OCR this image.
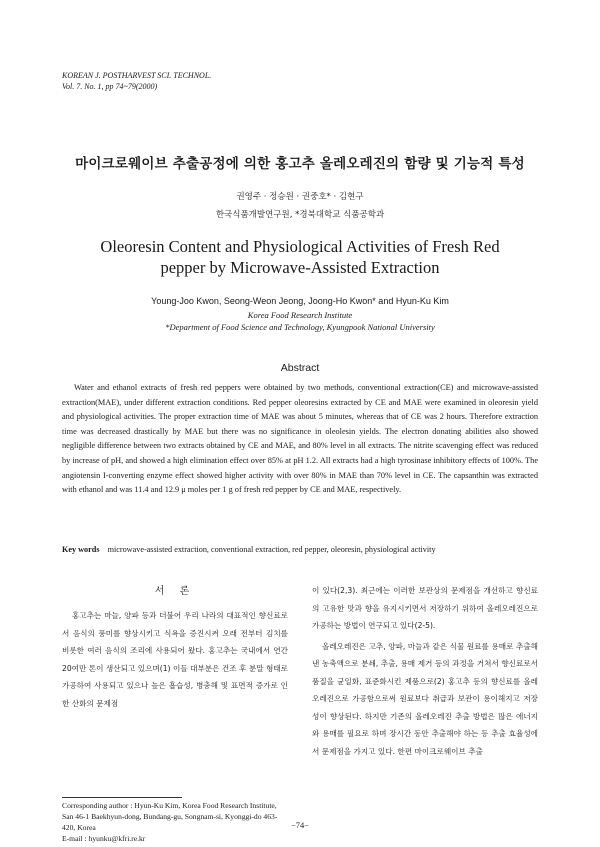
KOREAN J. POSTHARVEST SCI. TECHNOL.
Vol. 7. No. 1, pp 74~79(2000)
마이크로웨이브 추출공정에 의한 홍고추 올레오레진의 함량 및 기능적 특성
권영주 · 정승원 · 권중호* · 김현구
한국식품개발연구원, *경북대학교 식품공학과
Oleoresin Content and Physiological Activities of Fresh Red
pepper by Microwave-Assisted Extraction
Young-Joo Kwon, Seong-Weon Jeong, Joong-Ho Kwon* and Hyun-Ku Kim
Korea Food Research Institute
*Department of Food Science and Technology, Kyungpook National University
Abstract

Water and ethanol extracts of fresh red peppers were obtained by two methods, conventional extraction(CE) and microwave-assisted extraction(MAE), under different extraction conditions. Red pepper oleoresins extracted by CE and MAE were examined in oleoresin yield and physiological activities. The proper extraction time of MAE was about 5 minutes, whereas that of CE was 2 hours. Therefore extraction time was decreased drastically by MAE but there was no significance in oleolesin yields. The electron donating abilities also showed negligible difference between two extracts obtained by CE and MAE, and 80% level in all extracts. The nitrite scavenging effect was reduced by increase of pH, and showed a high elimination effect over 85% at pH 1.2. All extracts had a high tyrosinase inhibitory effects of 100%. The angiotensin I-converting enzyme effect showed higher activity with over 80% in MAE than 70% level in CE. The capsanthin was extracted with ethanol and was 11.4 and 12.9 μ moles per 1 g of fresh red pepper by CE and MAE, respectively.

Key words microwave-assisted extraction, conventional extraction, red pepper, oleoresin, physiological activity
서 론

홍고추는 마늘, 양파 등과 더불어 우리 나라의 대표적인 향신료로서 음식의 풍미를 향상시키고 식욕을 증진시켜 오래 전부터 김치를 비롯한 여러 음식의 조리에 사용되어 왔다. 홍고추는 국내에서 연간 20여만 톤이 생산되고 있으며(1) 이들 대부분은 건조 후 분말 형태로 가공하여 사용되고 있으나 높은 흡습성, 병충해 및 표면적 증가로 인한 산화의 문제점

이 있다(2,3). 최근에는 이러한 보관상의 문제점을 개선하고 향신료의 고유한 맛과 향을 유지시키면서 저장하기 위하여 올레오레진으로 가공하는 방법이 연구되고 있다(2-5).

올레오레진은 고추, 양파, 마늘과 같은 식물 원료를 용매로 추출해 낸 농축액으로 분쇄, 추출, 용매 제거 등의 과정을 거쳐서 향신료로서 품질을 균일화, 표준화시킨 제품으로(2) 홍고추 등의 향신료를 올레오레진으로 가공함으로써 원료보다 취급과 보관이 용이해지고 저장성이 향상된다. 하지만 기존의 올레오레진 추출 방법은 많은 에너지와 용매를 필요로 하며 장시간 동안 추출해야 하는 등 추출 효율성에서 문제점을 가지고 있다. 한편 마이크로웨이브 추출

Corresponding author : Hyun-Ku Kim, Korea Food Research Institute, San 46-1 Baekhyun-dong, Bundang-gu, Songnam-si, Kyonggi-do 463-420, Korea
E-mail : hyunku@kfri.re.kr
−74−
